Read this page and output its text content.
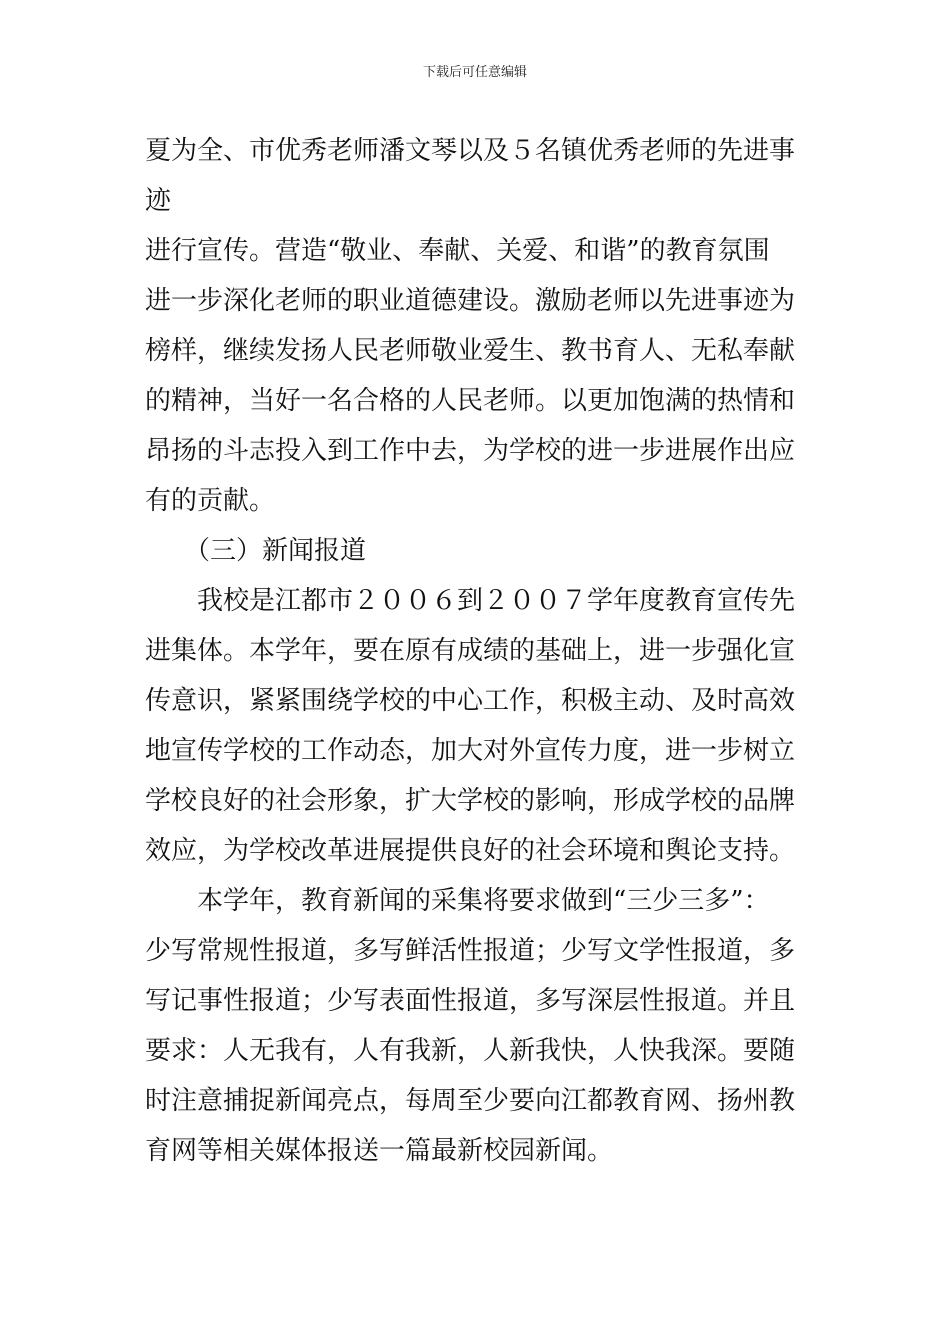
下载后可任意编辑

夏为全、市优秀老师潘文琴以及５名镇优秀老师的先进事迹
进行宣传。营造“敬业、奉献、关爱、和谐”的教育氛围
进一步深化老师的职业道德建设。激励老师以先进事迹为
榜样，继续发扬人民老师敬业爱生、教书育人、无私奉献
的精神，当好一名合格的人民老师。以更加饱满的热情和
昂扬的斗志投入到工作中去，为学校的进一步进展作出应
有的贡献。

　　（三）新闻报道

　　我校是江都市２００６到２００７学年度教育宣传先
进集体。本学年，要在原有成绩的基础上，进一步强化宣
传意识，紧紧围绕学校的中心工作，积极主动、及时高效
地宣传学校的工作动态，加大对外宣传力度，进一步树立
学校良好的社会形象，扩大学校的影响，形成学校的品牌
效应，为学校改革进展提供良好的社会环境和舆论支持。

　　本学年，教育新闻的采集将要求做到“三少三多”：
少写常规性报道，多写鲜活性报道；少写文学性报道，多
写记事性报道；少写表面性报道，多写深层性报道。并且
要求：人无我有，人有我新，人新我快，人快我深。要随
时注意捕捉新闻亮点，每周至少要向江都教育网、扬州教
育网等相关媒体报送一篇最新校园新闻。
